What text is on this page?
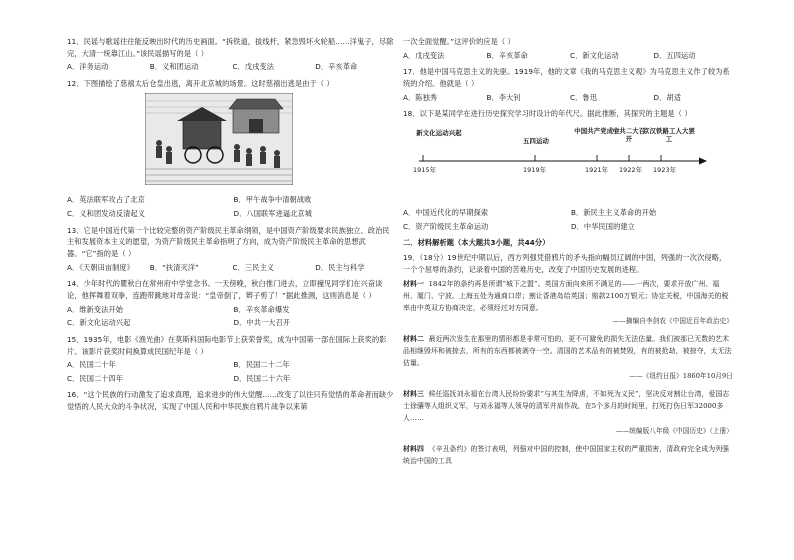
11．民谣与歌谣往往能反映出时代的历史画面。“拆铁道，拔线杆，紧急毁坏火轮船……洋鬼子，尽除完，大清一统靠江山。”该民谣描写的是（ ）
A．洋务运动	B．义和团运动	C．戊戌变法	D．辛亥革命
12．下图描绘了慈禧太后仓皇出逃，离开北京城的场景。这时慈禧出逃是由于（ ）
A．英法联军攻占了北京	B．甲午战争中清朝战败
C．义和团发动反清起义	D．八国联军进逼北京城
13．它是中国近代第一个比较完整的资产阶级民主革命纲领，是中国资产阶级要求民族独立、政治民主和发展资本主义的愿望，为资产阶级民主革命指明了方向，成为资产阶级民主革命的思想武器。“它”指的是（ ）
A．《天朝田亩制度》	B．“扶清灭洋”	C．三民主义	D．民主与科学
14．少年时代的瞿秋白在常州府中学堂念书。一天傍晚，秋白推门进去，立即撞见同学们在兴奋谈论，他挥舞着双拳，连跑带跳地对母亲说：“皇帝倒了，辫子剪了！”据此推测，这则消息是（ ）
A．维新变法开始	B．辛亥革命爆发
C．新文化运动兴起	D．中共一大召开
15．1935年，电影《渔光曲》在莫斯科国际电影节上获荣誉奖，成为中国第一部在国际上获奖的影片。该影片获奖时间换算成民国纪年是（ ）
A．民国二十年	B．民国二十二年
C．民国二十四年	D．民国二十六年
16．“这个民族的行动激发了追求真理，追求进步的伟大觉醒……改变了以往只有觉悟的革命者而缺少觉悟的人民大众的斗争状况，实现了中国人民和中华民族自鸦片战争以来第
一次全面觉醒。”这评价的应是（ ）
A．戊戌变法	B．辛亥革命	C．新文化运动	D．五四运动
17．他是中国马克思主义的先驱。1919年，他的文章《我的马克思主义观》为马克思主义作了较为系统的介绍。他就是（ ）
A．陈独秀	B．李大钊	C．鲁迅	D．胡适
18．以下是某同学在进行历史探究学习时设计的年代尺。据此推断，其探究的主题是（ ）
新文化运动兴起
五四运动
中国共产党成立
中共二大召开
京汉铁路工人大罢工
1915年	1919年	1921年 1922年 1923年
A．中国近代化的早期探索	B．新民主主义革命的开始
C．资产阶级民主革命运动	D．中华民国的建立
二．材料解析题（本大题共3小题，共44分）
19．（18分）19世纪中期以后，西方列强凭借鸦片的矛头指向幅员辽阔的中国，列强的一次次侵略，一个个屈辱的条约，记录着中国的苦难历史，改变了中国历史发展的进程。
材料一 1842年的条约再是所谓“城下之盟”。英国方面向来所不满足的——一两次，要求开放广州、福州、厦门、宁波、上海五处为通商口岸；割让香港岛给英国；赔款2100万银元；协定关税，中国海关的税率由中英双方协商决定，必须经过对方同意。
——摘编自李剑农《中国近百年政治史》
材料二 最近两次发生在那里的情形都是非常可怕的，更不可避免的损失无法估量。我们被那已无数的艺术品相继毁坏和被掠去，所有的东西都被剥夺一空。清国的艺术品有的被焚毁，有的被抢劫，被掠夺，太无法估量。
——《纽约日报》1860年10月9日
材料三 候任巡抚刘永福在台湾人民纷纷要求“与其生为降虏，不如死为义民”，坚决反对割让台湾，爱国志士徐骧等人组织义军，与刘永福等人领导的清军并肩作战，在5个多月的时间里，打死打伤日军32000多人……
——统编版八年级《中国历史》（上册）
材料四 《辛丑条约》的签订表明，列强对中国的控制，使中国国家主权的严重损害，清政府完全成为列强统治中国的工具
